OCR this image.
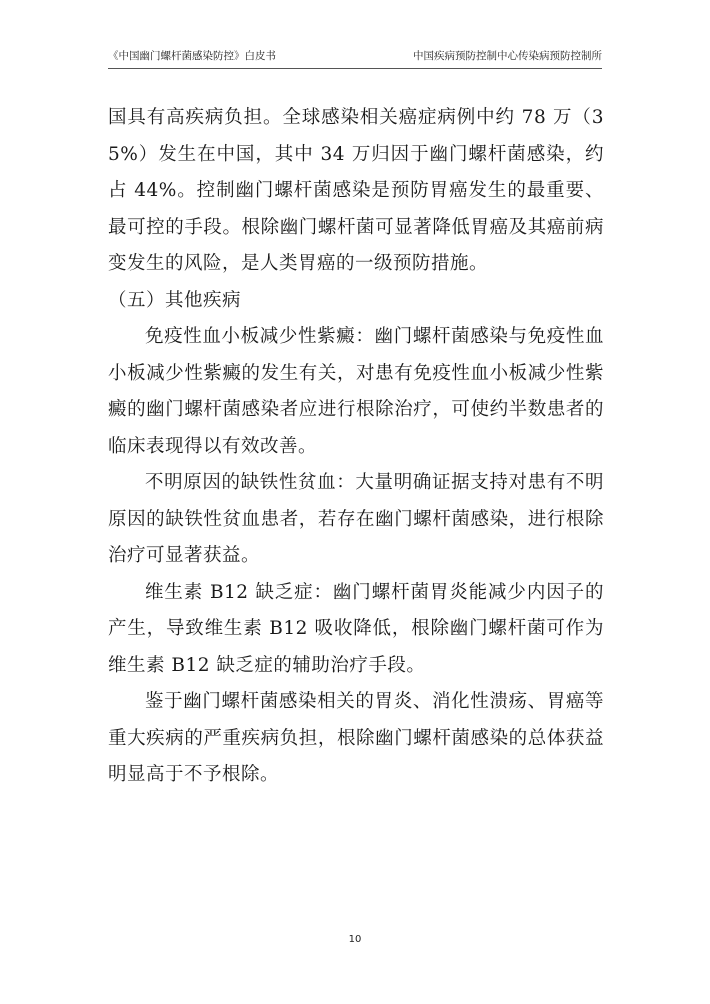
《中国幽门螺杆菌感染防控》白皮书	中国疾病预防控制中心传染病预防控制所

国具有高疾病负担。全球感染相关癌症病例中约 78 万（35%）发生在中国，其中 34 万归因于幽门螺杆菌感染，约占 44%。控制幽门螺杆菌感染是预防胃癌发生的最重要、最可控的手段。根除幽门螺杆菌可显著降低胃癌及其癌前病变发生的风险，是人类胃癌的一级预防措施。

（五）其他疾病

免疫性血小板减少性紫癜：幽门螺杆菌感染与免疫性血小板减少性紫癜的发生有关，对患有免疫性血小板减少性紫癜的幽门螺杆菌感染者应进行根除治疗，可使约半数患者的临床表现得以有效改善。

不明原因的缺铁性贫血：大量明确证据支持对患有不明原因的缺铁性贫血患者，若存在幽门螺杆菌感染，进行根除治疗可显著获益。

维生素 B12 缺乏症：幽门螺杆菌胃炎能减少内因子的产生，导致维生素 B12 吸收降低，根除幽门螺杆菌可作为维生素 B12 缺乏症的辅助治疗手段。

鉴于幽门螺杆菌感染相关的胃炎、消化性溃疡、胃癌等重大疾病的严重疾病负担，根除幽门螺杆菌感染的总体获益明显高于不予根除。

10
